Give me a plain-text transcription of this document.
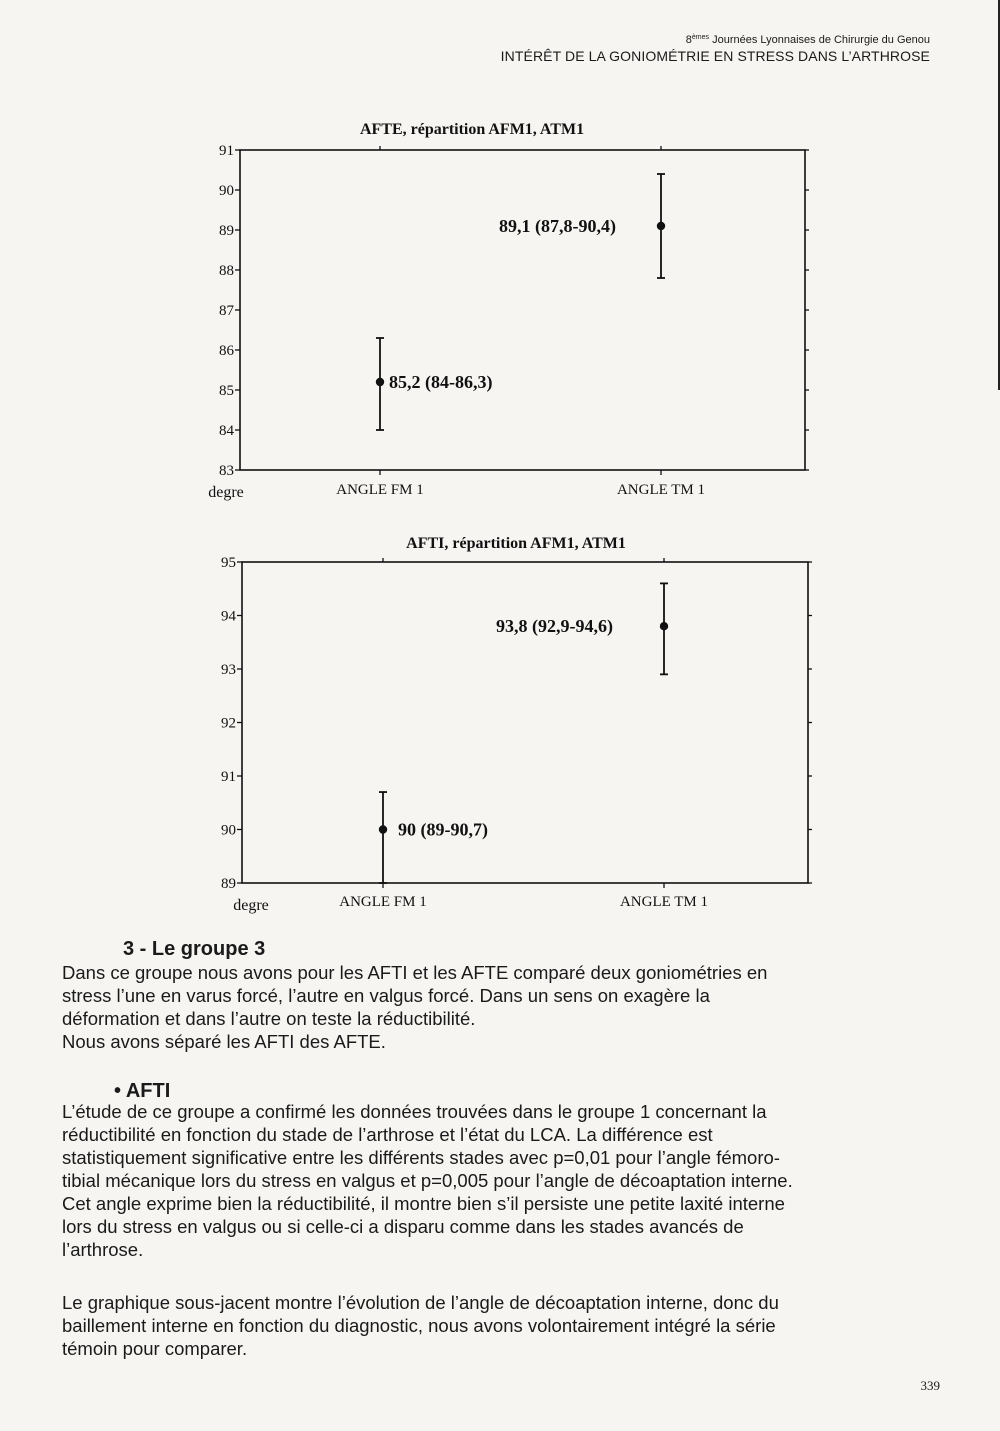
8èmes Journées Lyonnaises de Chirurgie du Genou
INTÉRÊT DE LA GONIOMÉTRIE EN STRESS DANS L’ARTHROSE
AFTE, répartition AFM1, ATM1
83
84
85
86
87
88
89
90
91
degre	ANGLE FM 1
85,2 (84-86,3)
ANGLE TM 1
89,1 (87,8-90,4)
AFTI, répartition AFM1, ATM1
89
90
91
92
93
94
95
degre	ANGLE FM 1
90 (89-90,7)
ANGLE TM 1
93,8 (92,9-94,6)
3 - Le groupe 3

Dans ce groupe nous avons pour les AFTI et les AFTE comparé deux goniométries en
stress l’une en varus forcé, l’autre en valgus forcé. Dans un sens on exagère la
déformation et dans l’autre on teste la réductibilité.
Nous avons séparé les AFTI des AFTE.

• AFTI

L’étude de ce groupe a confirmé les données trouvées dans le groupe 1 concernant la
réductibilité en fonction du stade de l’arthrose et l’état du LCA. La différence est
statistiquement significative entre les différents stades avec p=0,01 pour l’angle fémoro-
tibial mécanique lors du stress en valgus et p=0,005 pour l’angle de décoaptation interne.
Cet angle exprime bien la réductibilité, il montre bien s’il persiste une petite laxité interne
lors du stress en valgus ou si celle-ci a disparu comme dans les stades avancés de
l’arthrose.

Le graphique sous-jacent montre l’évolution de l’angle de décoaptation interne, donc du
baillement interne en fonction du diagnostic, nous avons volontairement intégré la série
témoin pour comparer.

339
